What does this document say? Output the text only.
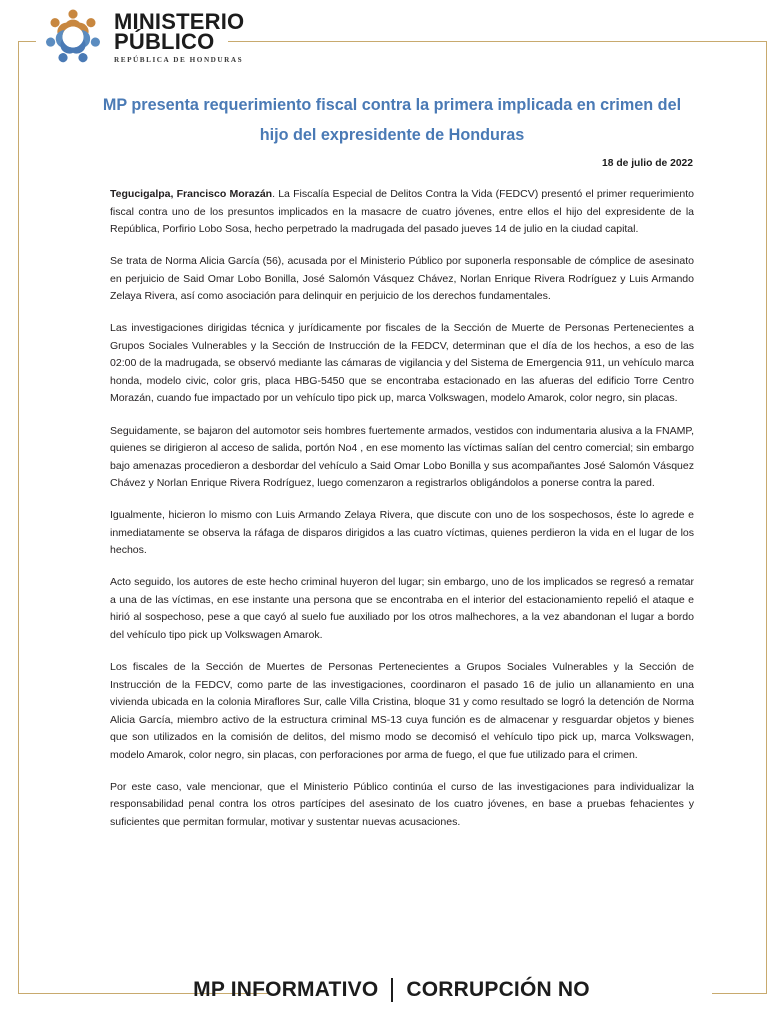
MINISTERIO
PÚBLICO
REPÚBLICA DE HONDURAS
MP presenta requerimiento fiscal contra la primera implicada en crimen del hijo del expresidente de Honduras
18 de julio de 2022

Tegucigalpa, Francisco Morazán. La Fiscalía Especial de Delitos Contra la Vida (FEDCV) presentó el primer requerimiento fiscal contra uno de los presuntos implicados en la masacre de cuatro jóvenes, entre ellos el hijo del expresidente de la República, Porfirio Lobo Sosa, hecho perpetrado la madrugada del pasado jueves 14 de julio en la ciudad capital.

Se trata de Norma Alicia García (56), acusada por el Ministerio Público por suponerla responsable de cómplice de asesinato en perjuicio de Said Omar Lobo Bonilla, José Salomón Vásquez Chávez, Norlan Enrique Rivera Rodríguez y Luis Armando Zelaya Rivera, así como asociación para delinquir en perjuicio de los derechos fundamentales.

Las investigaciones dirigidas técnica y jurídicamente por fiscales de la Sección de Muerte de Personas Pertenecientes a Grupos Sociales Vulnerables y la Sección de Instrucción de la FEDCV, determinan que el día de los hechos, a eso de las 02:00 de la madrugada, se observó mediante las cámaras de vigilancia y del Sistema de Emergencia 911, un vehículo marca honda, modelo civic, color gris, placa HBG-5450 que se encontraba estacionado en las afueras del edificio Torre Centro Morazán, cuando fue impactado por un vehículo tipo pick up, marca Volkswagen, modelo Amarok, color negro, sin placas.

Seguidamente, se bajaron del automotor seis hombres fuertemente armados, vestidos con indumentaria alusiva a la FNAMP, quienes se dirigieron al acceso de salida, portón No4 , en ese momento las víctimas salían del centro comercial; sin embargo bajo amenazas procedieron a desbordar del vehículo a Said Omar Lobo Bonilla y sus acompañantes José Salomón Vásquez Chávez y Norlan Enrique Rivera Rodríguez, luego comenzaron a registrarlos obligándolos a ponerse contra la pared.

Igualmente, hicieron lo mismo con Luis Armando Zelaya Rivera, que discute con uno de los sospechosos, éste lo agrede e inmediatamente se observa la ráfaga de disparos dirigidos a las cuatro víctimas, quienes perdieron la vida en el lugar de los hechos.

Acto seguido, los autores de este hecho criminal huyeron del lugar; sin embargo, uno de los implicados se regresó a rematar a una de las víctimas, en ese instante una persona que se encontraba en el interior del estacionamiento repelió el ataque e hirió al sospechoso, pese a que cayó al suelo fue auxiliado por los otros malhechores, a la vez abandonan el lugar a bordo del vehículo tipo pick up Volkswagen Amarok.

Los fiscales de la Sección de Muertes de Personas Pertenecientes a Grupos Sociales Vulnerables y la Sección de Instrucción de la FEDCV, como parte de las investigaciones, coordinaron el pasado 16 de julio un allanamiento en una vivienda ubicada en la colonia Miraflores Sur, calle Villa Cristina, bloque 31 y como resultado se logró la detención de Norma Alicia García, miembro activo de la estructura criminal MS-13 cuya función es de almacenar y resguardar objetos y bienes que son utilizados en la comisión de delitos, del mismo modo se decomisó el vehículo tipo pick up, marca Volkswagen, modelo Amarok, color negro, sin placas, con perforaciones por arma de fuego, el que fue utilizado para el crimen.

Por este caso, vale mencionar, que el Ministerio Público continúa el curso de las investigaciones para individualizar la responsabilidad penal contra los otros partícipes del asesinato de los cuatro jóvenes, en base a pruebas fehacientes y suficientes que permitan formular, motivar y sustentar nuevas acusaciones.

MP INFORMATIVO CORRUPCIÓN NO
